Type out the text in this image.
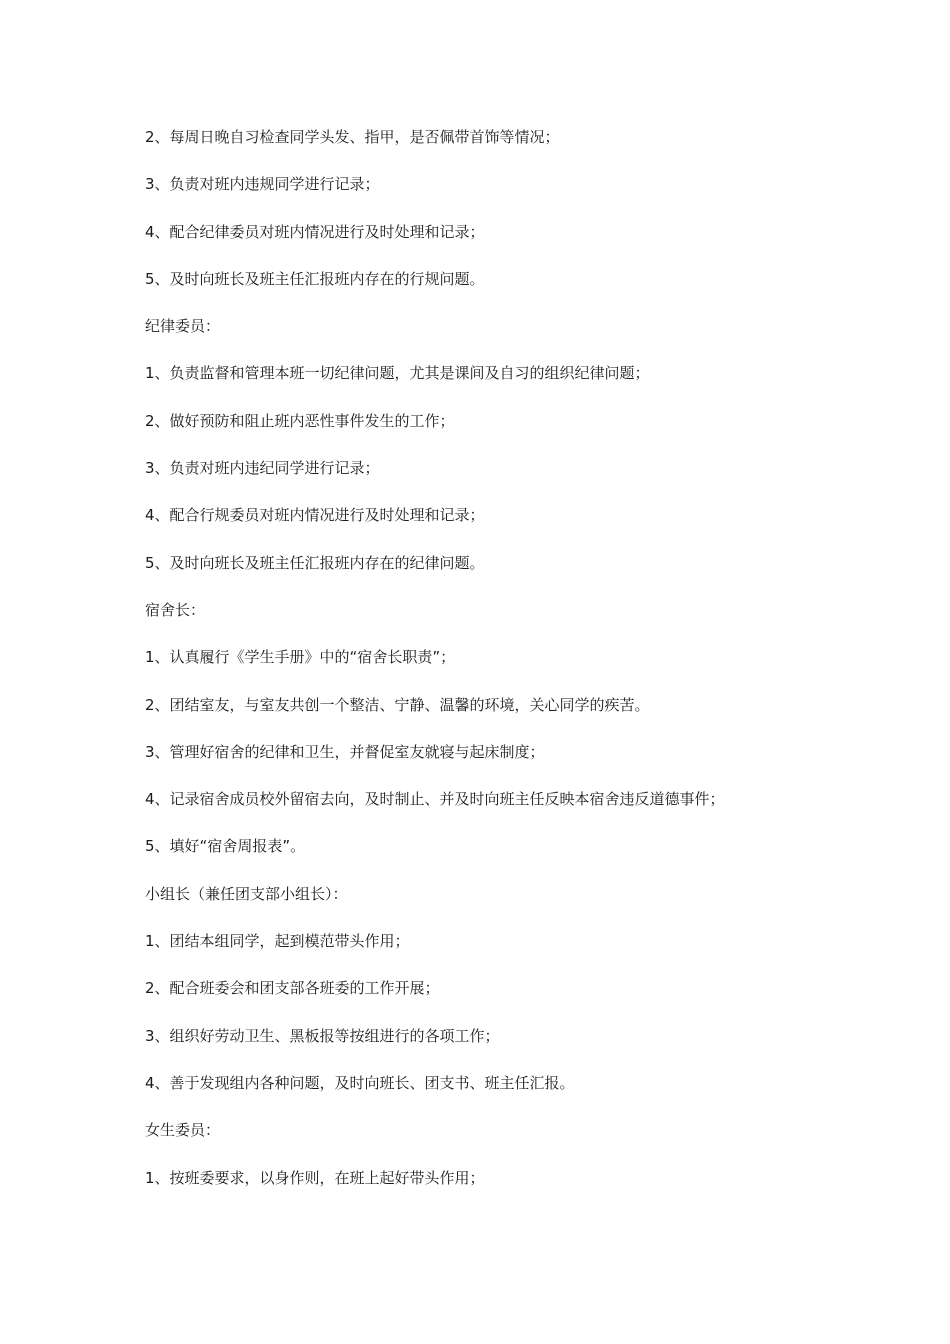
2、每周日晚自习检查同学头发、指甲，是否佩带首饰等情况；
3、负责对班内违规同学进行记录；
4、配合纪律委员对班内情况进行及时处理和记录；
5、及时向班长及班主任汇报班内存在的行规问题。
纪律委员：
1、负责监督和管理本班一切纪律问题，尤其是课间及自习的组织纪律问题；
2、做好预防和阻止班内恶性事件发生的工作；
3、负责对班内违纪同学进行记录；
4、配合行规委员对班内情况进行及时处理和记录；
5、及时向班长及班主任汇报班内存在的纪律问题。
宿舍长：
1、认真履行《学生手册》中的“宿舍长职责”；
2、团结室友，与室友共创一个整洁、宁静、温馨的环境，关心同学的疾苦。
3、管理好宿舍的纪律和卫生，并督促室友就寝与起床制度；
4、记录宿舍成员校外留宿去向，及时制止、并及时向班主任反映本宿舍违反道德事件；
5、填好“宿舍周报表”。
小组长（兼任团支部小组长）：
1、团结本组同学，起到模范带头作用；
2、配合班委会和团支部各班委的工作开展；
3、组织好劳动卫生、黑板报等按组进行的各项工作；
4、善于发现组内各种问题，及时向班长、团支书、班主任汇报。
女生委员：
1、按班委要求，以身作则，在班上起好带头作用；
